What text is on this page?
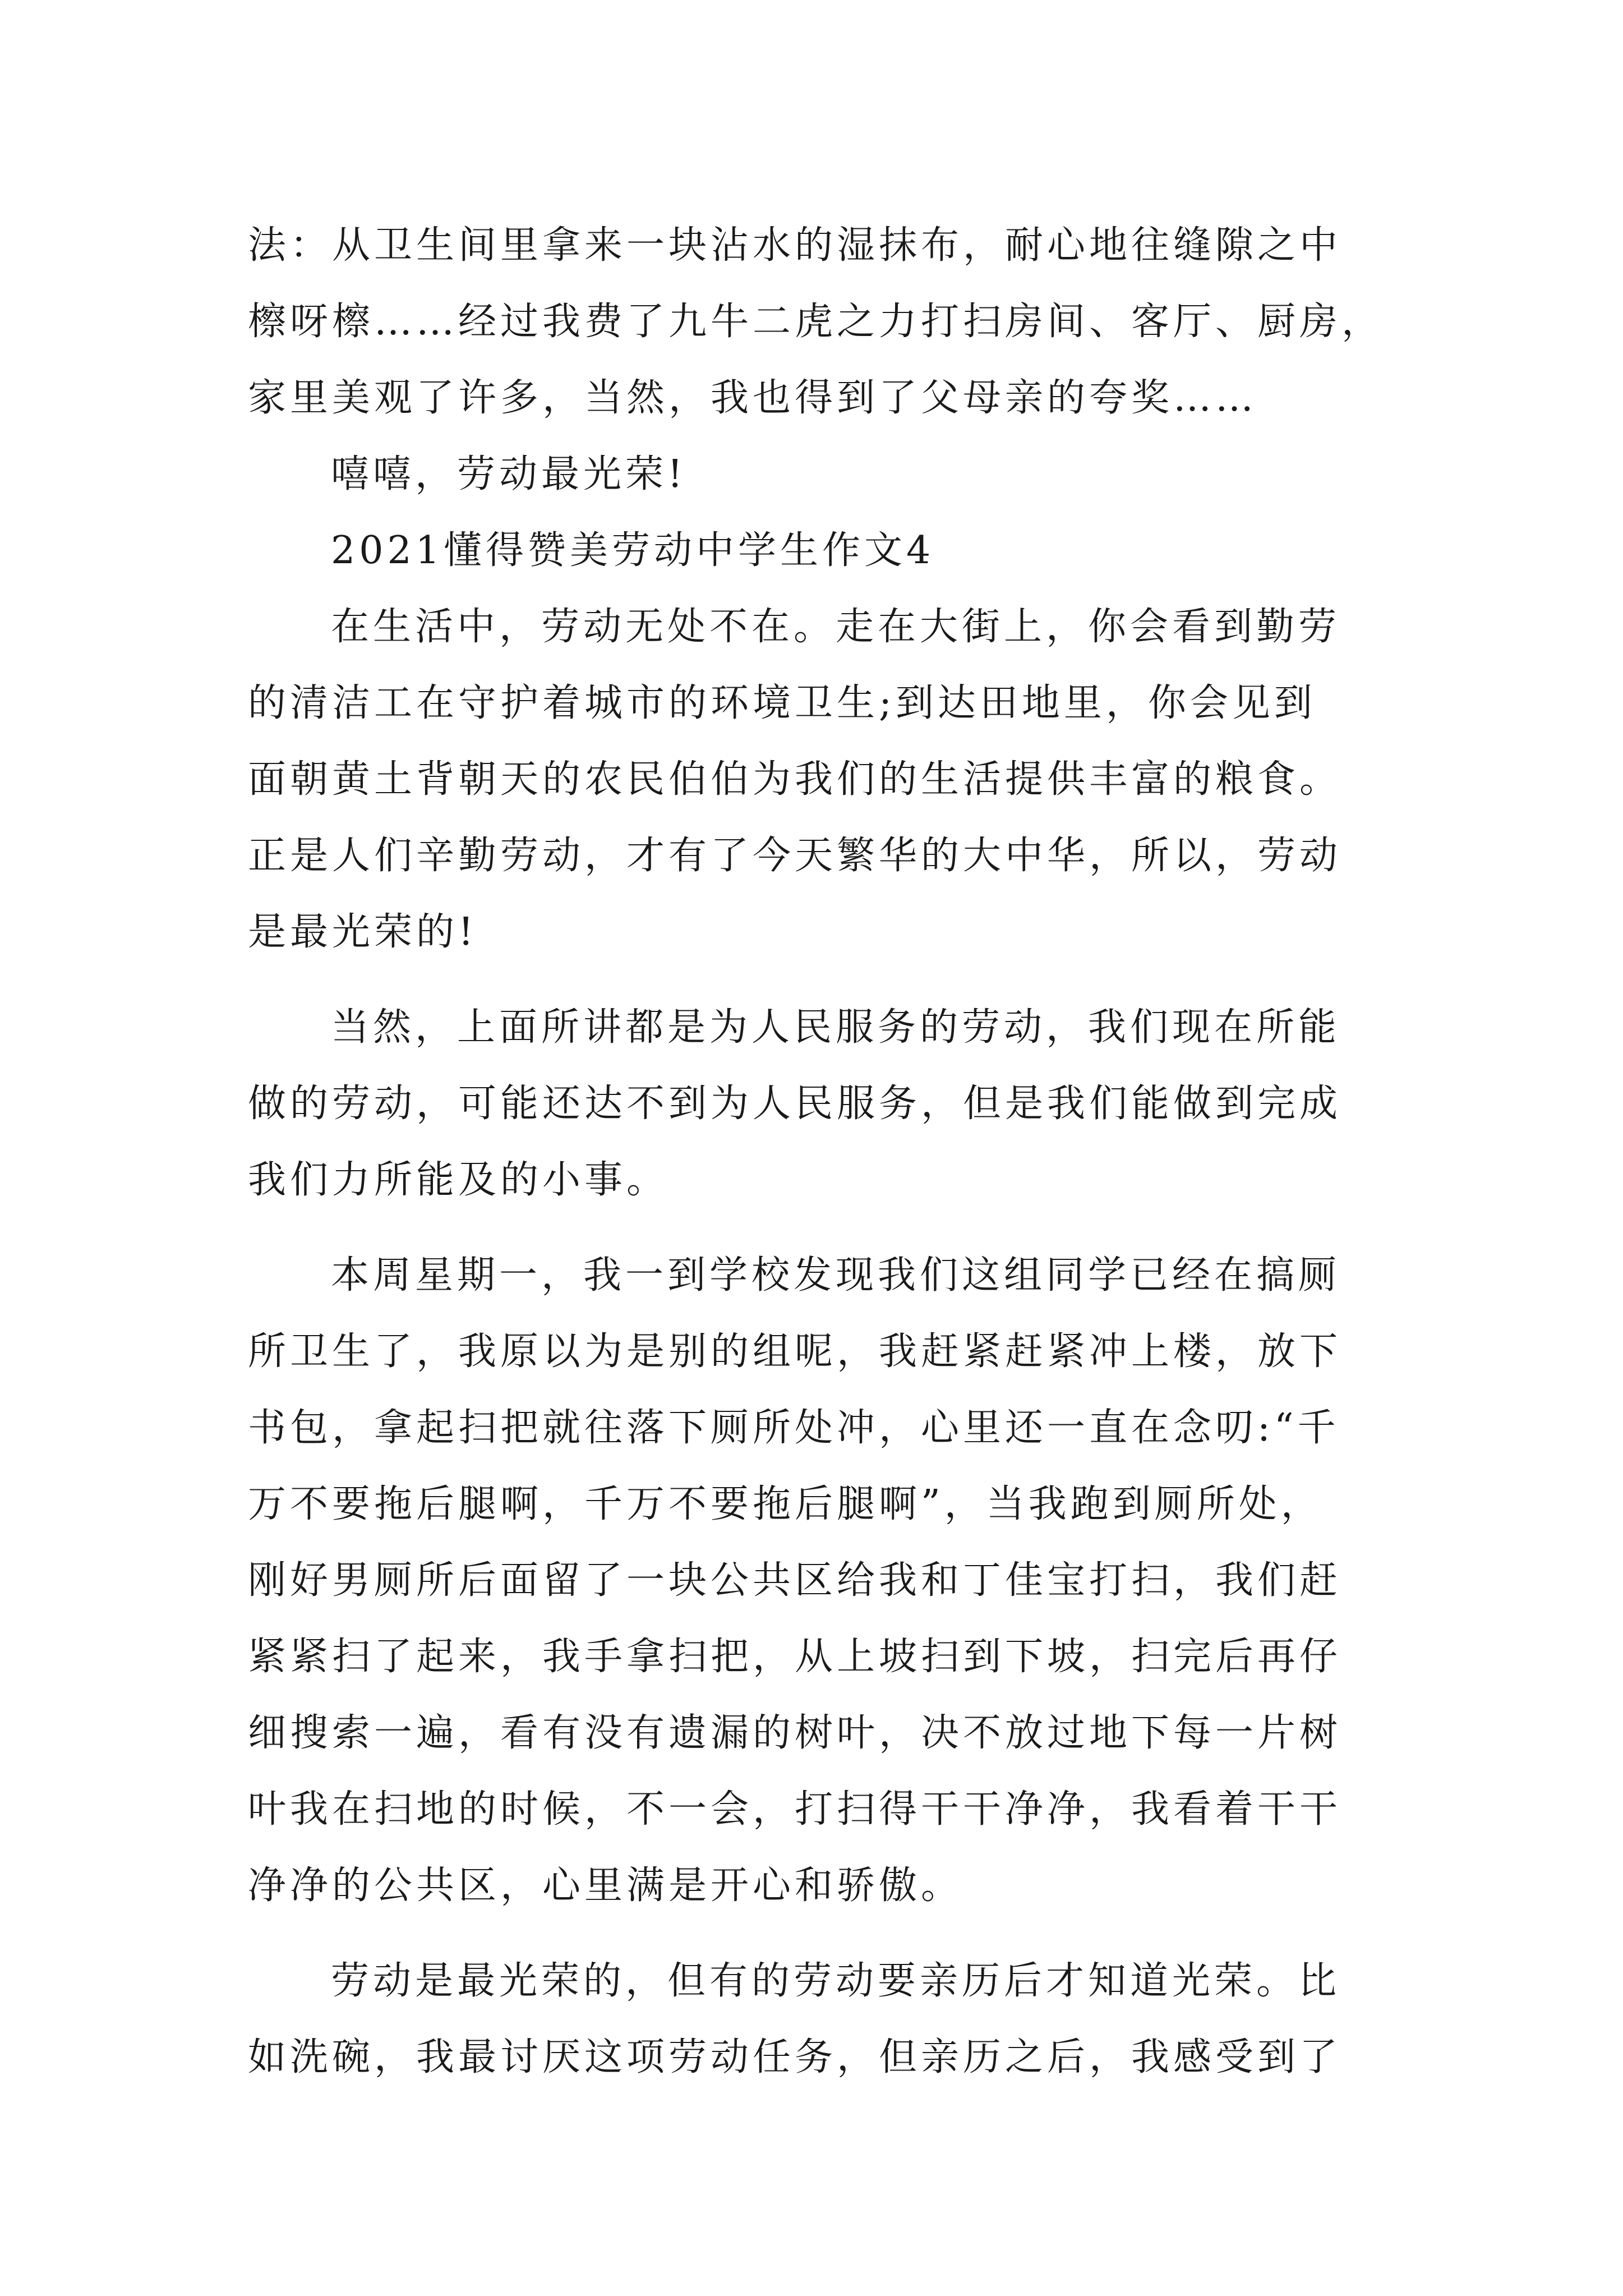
法：从卫生间里拿来一块沾水的湿抹布，耐心地往缝隙之中
檫呀檫……经过我费了九牛二虎之力打扫房间、客厅、厨房，
家里美观了许多，当然，我也得到了父母亲的夸奖……
嘻嘻，劳动最光荣!
2021懂得赞美劳动中学生作文4
在生活中，劳动无处不在。走在大街上，你会看到勤劳
的清洁工在守护着城市的环境卫生;到达田地里，你会见到
面朝黄土背朝天的农民伯伯为我们的生活提供丰富的粮食。
正是人们辛勤劳动，才有了今天繁华的大中华，所以，劳动
是最光荣的!
当然，上面所讲都是为人民服务的劳动，我们现在所能
做的劳动，可能还达不到为人民服务，但是我们能做到完成
我们力所能及的小事。
本周星期一，我一到学校发现我们这组同学已经在搞厕
所卫生了，我原以为是别的组呢，我赶紧赶紧冲上楼，放下
书包，拿起扫把就往落下厕所处冲，心里还一直在念叨:“千
万不要拖后腿啊，千万不要拖后腿啊”，当我跑到厕所处，
刚好男厕所后面留了一块公共区给我和丁佳宝打扫，我们赶
紧紧扫了起来，我手拿扫把，从上坡扫到下坡，扫完后再仔
细搜索一遍，看有没有遗漏的树叶，决不放过地下每一片树
叶我在扫地的时候，不一会，打扫得干干净净，我看着干干
净净的公共区，心里满是开心和骄傲。
劳动是最光荣的，但有的劳动要亲历后才知道光荣。比
如洗碗，我最讨厌这项劳动任务，但亲历之后，我感受到了
